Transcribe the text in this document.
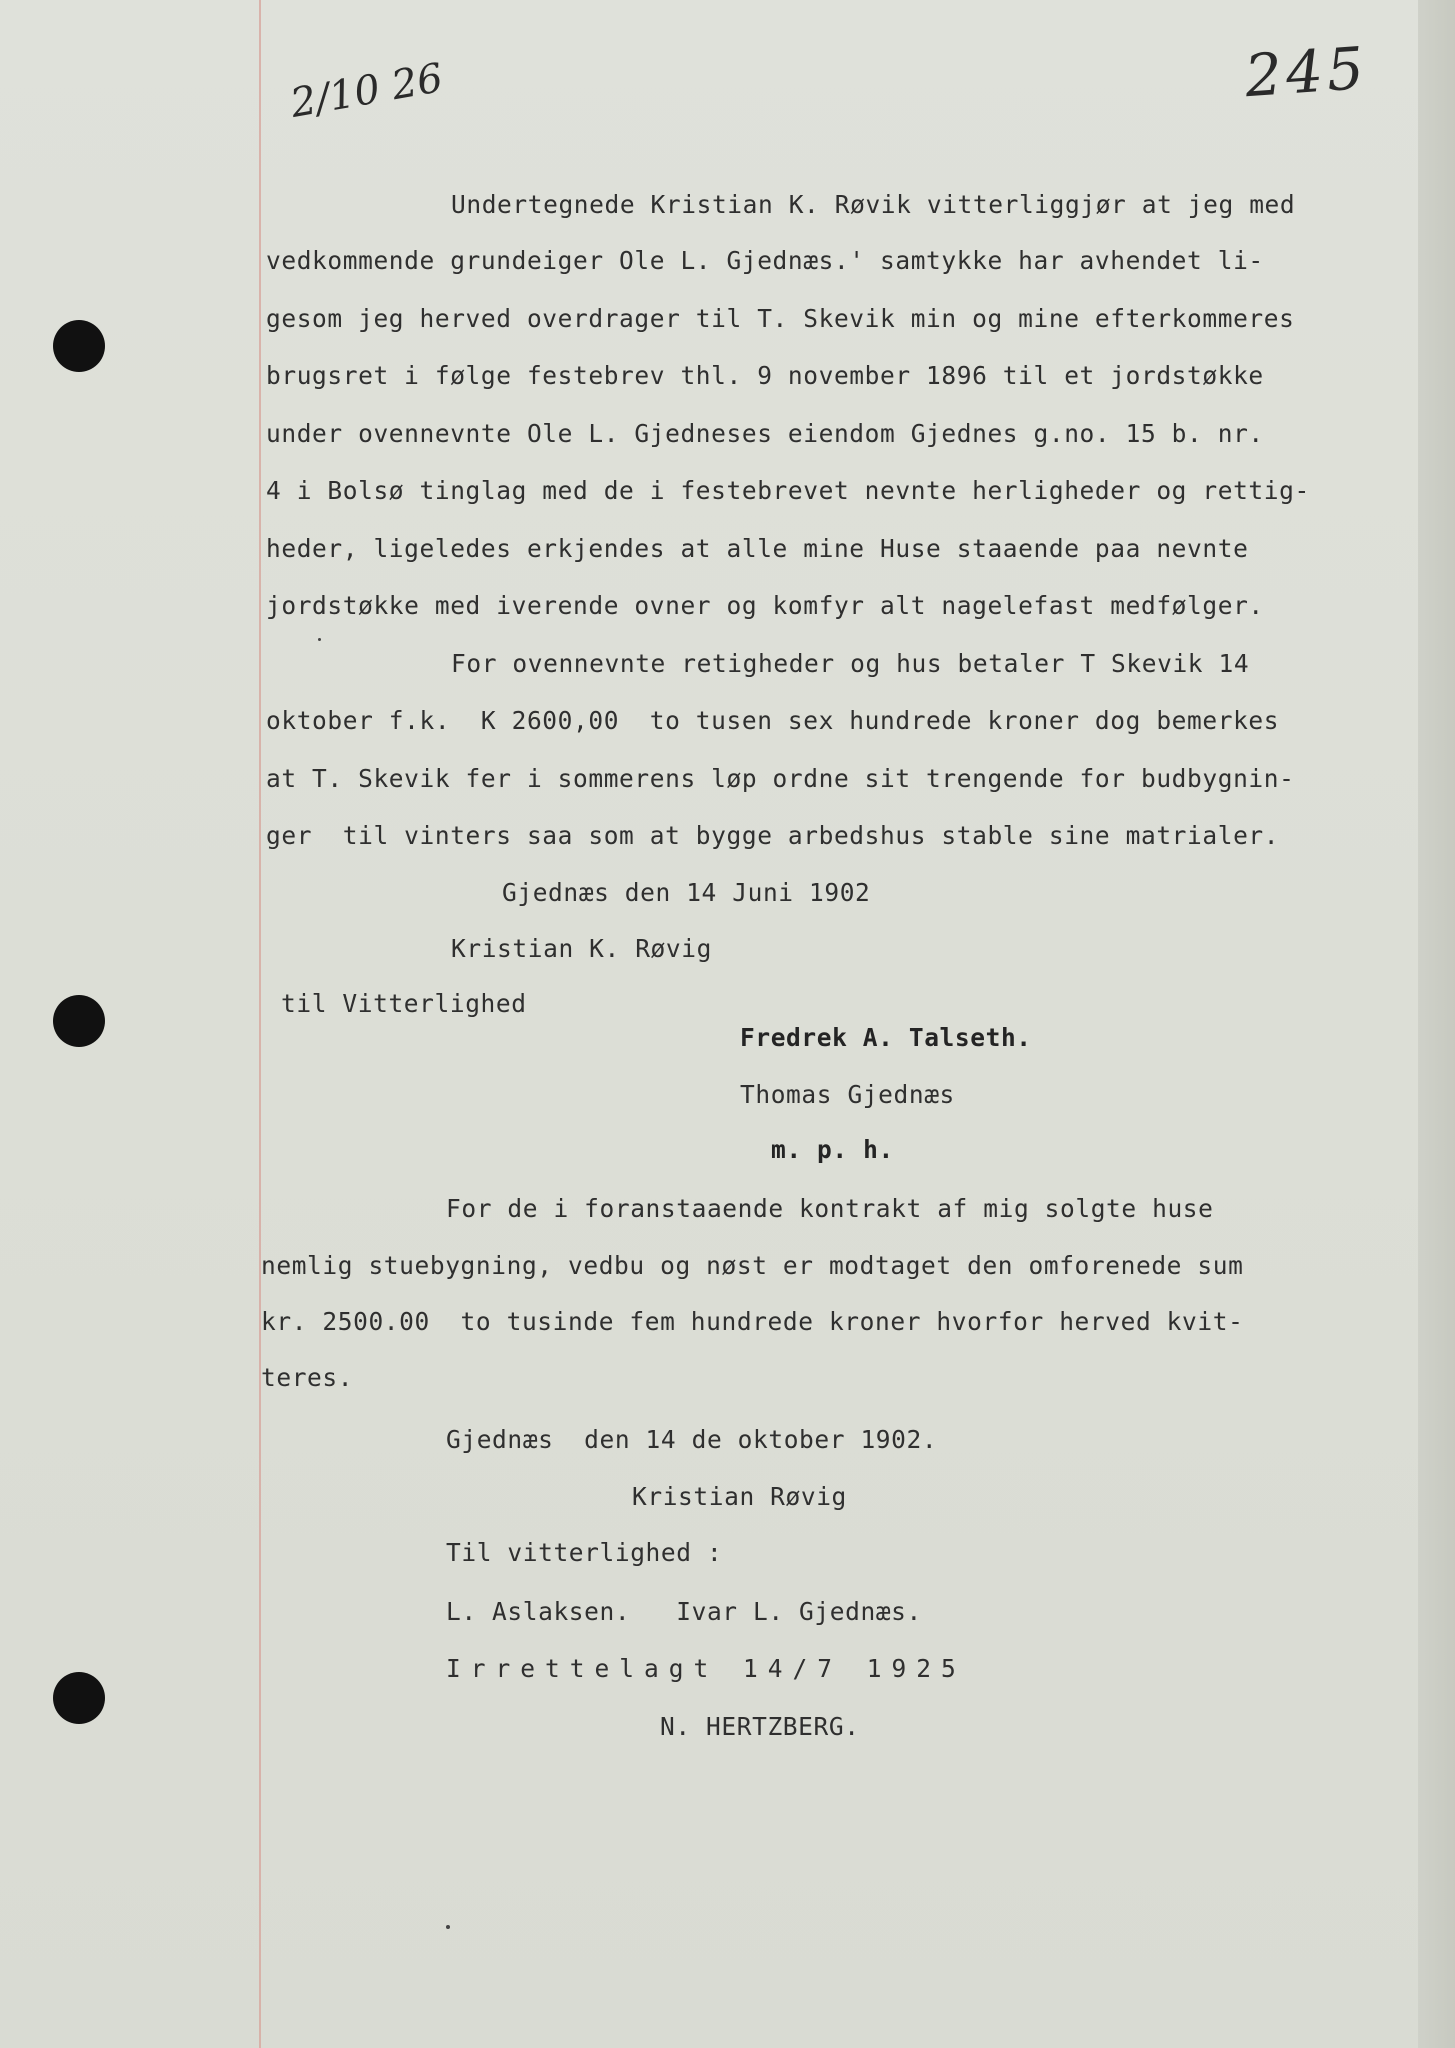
245
2/10 26
Undertegnede Kristian K. Røvik vitterliggjør at jeg med
vedkommende grundeiger Ole L. Gjednæs.' samtykke har avhendet li-
gesom jeg herved overdrager til T. Skevik min og mine efterkommeres
brugsret i følge festebrev thl. 9 november 1896 til et jordstøkke
under ovennevnte Ole L. Gjedneses eiendom Gjednes g.no. 15 b. nr.
4 i Bolsø tinglag med de i festebrevet nevnte herligheder og rettig-
heder, ligeledes erkjendes at alle mine Huse staaende paa nevnte
jordstøkke med iverende ovner og komfyr alt nagelefast medfølger.
For ovennevnte retigheder og hus betaler T Skevik 14
oktober f.k.  K 2600,00  to tusen sex hundrede kroner dog bemerkes
at T. Skevik fer i sommerens løp ordne sit trengende for budbygnin-
ger  til vinters saa som at bygge arbedshus stable sine matrialer.
Gjednæs den 14 Juni 1902
Kristian K. Røvig
til Vitterlighed
Fredrek A. Talseth.
Thomas Gjednæs
m. p. h.
For de i foranstaaende kontrakt af mig solgte huse
nemlig stuebygning, vedbu og nøst er modtaget den omforenede sum
kr. 2500.00  to tusinde fem hundrede kroner hvorfor herved kvit-
teres.
Gjednæs  den 14 de oktober 1902.
Kristian Røvig
Til vitterlighed :
L. Aslaksen.   Ivar L. Gjednæs.
Irrettelagt 14/7 1925
N. HERTZBERG.
